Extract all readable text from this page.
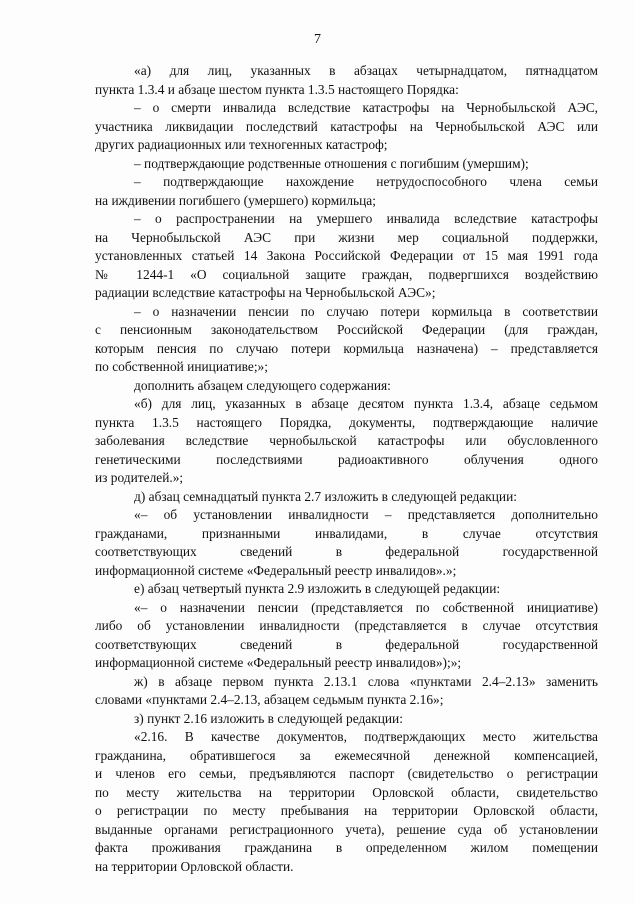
7
«а) для лиц, указанных в абзацах четырнадцатом, пятнадцатом
пункта 1.3.4 и абзаце шестом пункта 1.3.5 настоящего Порядка:
– о смерти инвалида вследствие катастрофы на Чернобыльской АЭС,
участника ликвидации последствий катастрофы на Чернобыльской АЭС или
других радиационных или техногенных катастроф;
– подтверждающие родственные отношения с погибшим (умершим);
– подтверждающие нахождение нетрудоспособного члена семьи
на иждивении погибшего (умершего) кормильца;
– о распространении на умершего инвалида вследствие катастрофы
на Чернобыльской АЭС при жизни мер социальной поддержки,
установленных статьей 14 Закона Российской Федерации от 15 мая 1991 года
№ 1244-1 «О социальной защите граждан, подвергшихся воздействию
радиации вследствие катастрофы на Чернобыльской АЭС»;
– о назначении пенсии по случаю потери кормильца в соответствии
с пенсионным законодательством Российской Федерации (для граждан,
которым пенсия по случаю потери кормильца назначена) – представляется
по собственной инициативе;»;
дополнить абзацем следующего содержания:
«б) для лиц, указанных в абзаце десятом пункта 1.3.4, абзаце седьмом
пункта 1.3.5 настоящего Порядка, документы, подтверждающие наличие
заболевания вследствие чернобыльской катастрофы или обусловленного
генетическими последствиями радиоактивного облучения одного
из родителей.»;
д) абзац семнадцатый пункта 2.7 изложить в следующей редакции:
«– об установлении инвалидности – представляется дополнительно
гражданами, признанными инвалидами, в случае отсутствия
соответствующих сведений в федеральной государственной
информационной системе «Федеральный реестр инвалидов».»;
е) абзац четвертый пункта 2.9 изложить в следующей редакции:
«– о назначении пенсии (представляется по собственной инициативе)
либо об установлении инвалидности (представляется в случае отсутствия
соответствующих сведений в федеральной государственной
информационной системе «Федеральный реестр инвалидов»);»;
ж) в абзаце первом пункта 2.13.1 слова «пунктами 2.4–2.13» заменить
словами «пунктами 2.4–2.13, абзацем седьмым пункта 2.16»;
з) пункт 2.16 изложить в следующей редакции:
«2.16. В качестве документов, подтверждающих место жительства
гражданина, обратившегося за ежемесячной денежной компенсацией,
и членов его семьи, предъявляются паспорт (свидетельство о регистрации
по месту жительства на территории Орловской области, свидетельство
о регистрации по месту пребывания на территории Орловской области,
выданные органами регистрационного учета), решение суда об установлении
факта проживания гражданина в определенном жилом помещении
на территории Орловской области.
